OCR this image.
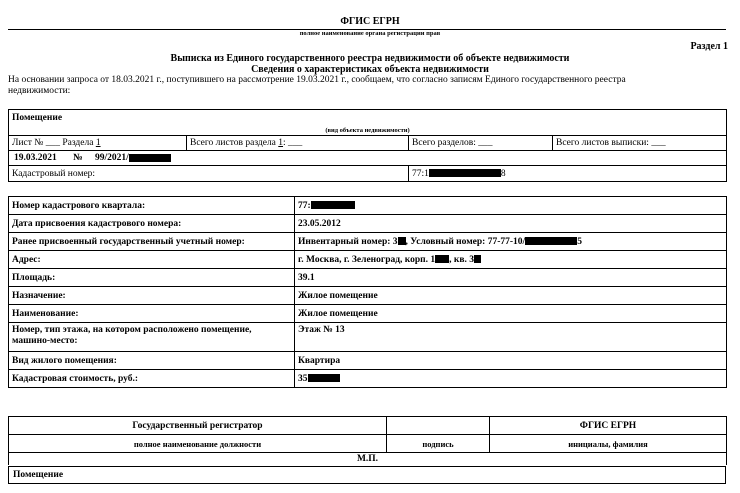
ФГИС ЕГРН
полное наименование органа регистрации прав
Раздел 1
Выписка из Единого государственного реестра недвижимости об объекте недвижимости
Сведения о характеристиках объекта недвижимости
На основании запроса от 18.03.2021 г., поступившего на рассмотрение 19.03.2021 г., сообщаем, что согласно записям Единого государственного реестра
недвижимости:
Помещение			
(вид объекта недвижимости)			
Лист № ___ Раздела 1	Всего листов раздела 1: ___	Всего разделов: ___	Всего листов выписки: ___
19.03.2021 № 99/2021/			
Кадастровый номер:		77:1 8	
Номер кадастрового квартала:	77:
Дата присвоения кадастрового номера:	23.05.2012
Ранее присвоенный государственный учетный номер:	Инвентарный номер: 3 , Условный номер: 77-77-10/ 5
Адрес:	г. Москва, г. Зеленоград, корп. 1 , кв. 3
Площадь:	39.1
Назначение:	Жилое помещение
Наименование:	Жилое помещение

Номер, тип этажа, на котором расположено помещение,
машино-место:	Этаж № 13
Вид жилого помещения:	Квартира
Кадастровая стоимость, руб.:	35
Государственный регистратор		ФГИС ЕГРН
полное наименование должности	подпись	инициалы, фамилия
М.П.		
Помещение
